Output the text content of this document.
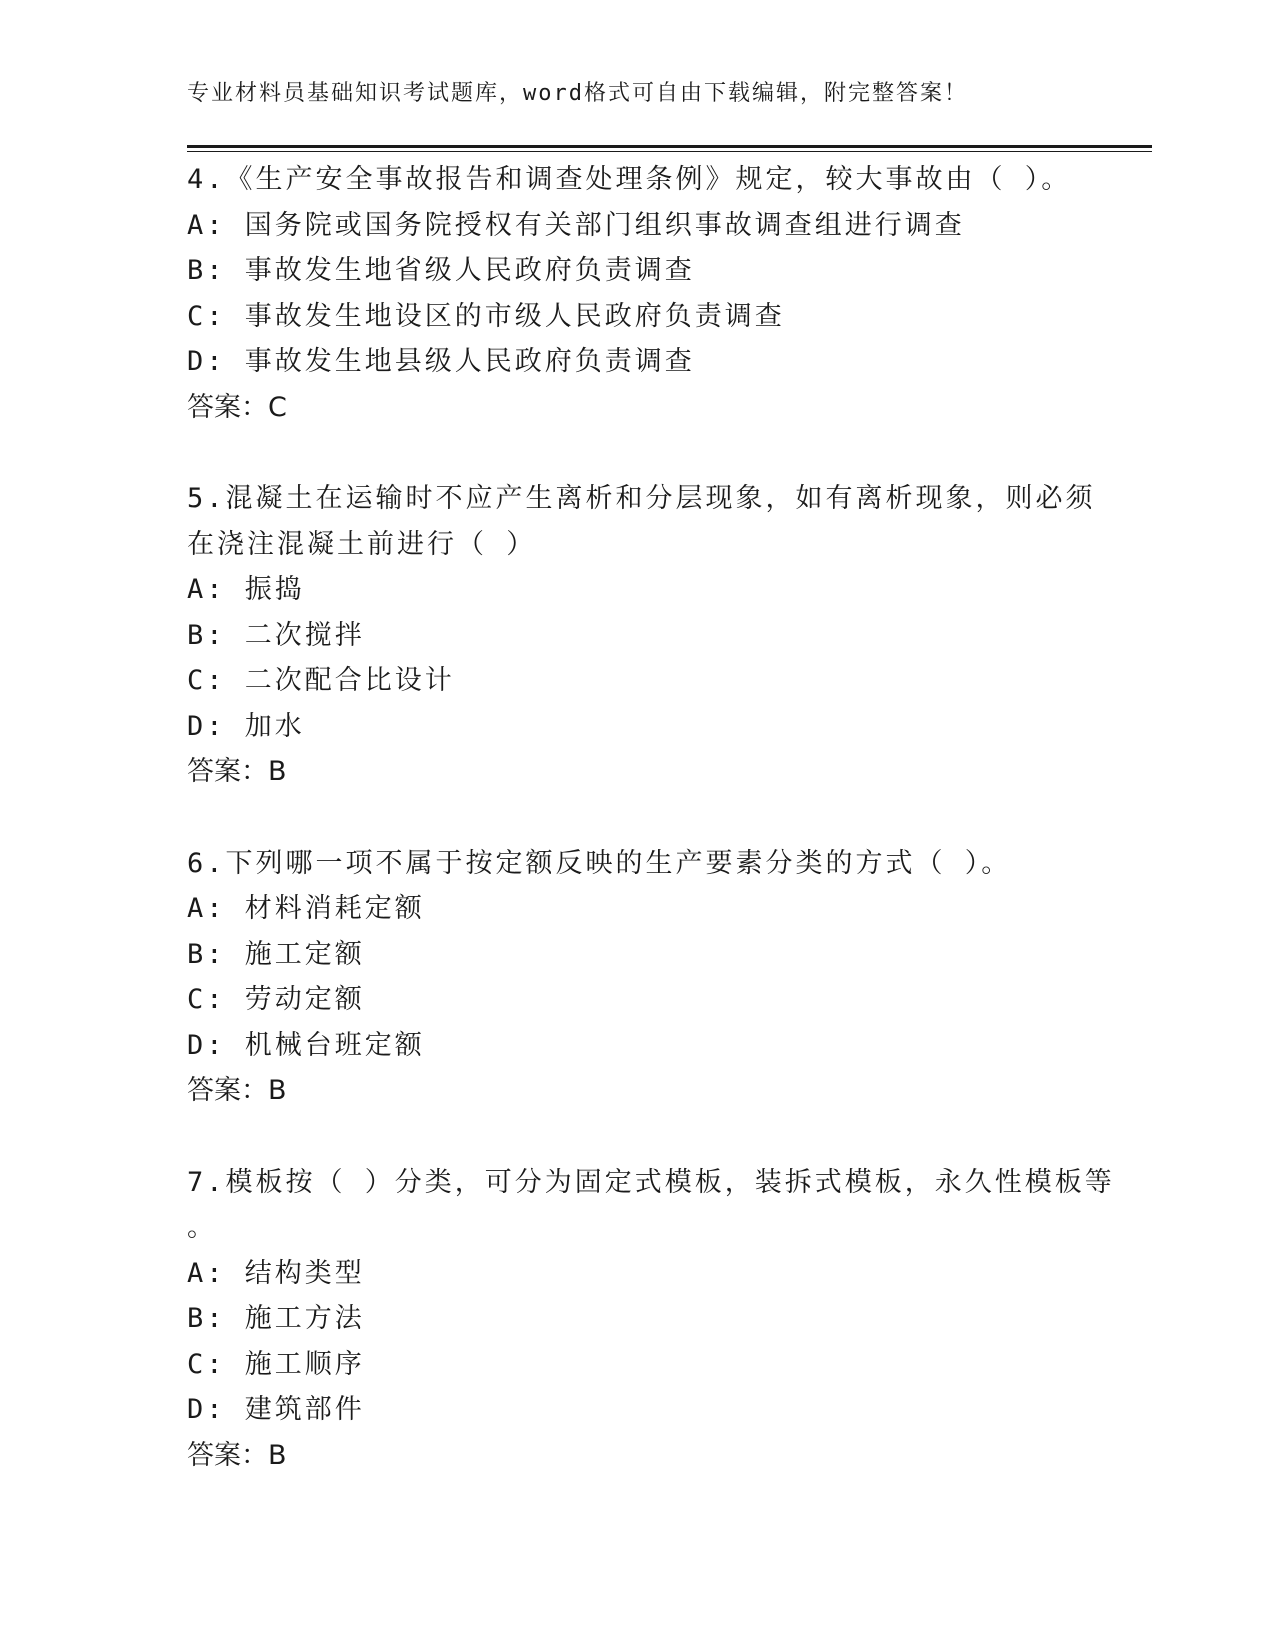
专业材料员基础知识考试题库，word格式可自由下载编辑，附完整答案！
4.《生产安全事故报告和调查处理条例》规定，较大事故由（ ）。
A: 国务院或国务院授权有关部门组织事故调查组进行调查
B: 事故发生地省级人民政府负责调查
C: 事故发生地设区的市级人民政府负责调查
D: 事故发生地县级人民政府负责调查
答案：C
5.混凝土在运输时不应产生离析和分层现象，如有离析现象，则必须
在浇注混凝土前进行（ ）
A: 振捣
B: 二次搅拌
C: 二次配合比设计
D: 加水
答案：B
6.下列哪一项不属于按定额反映的生产要素分类的方式（ ）。
A: 材料消耗定额
B: 施工定额
C: 劳动定额
D: 机械台班定额
答案：B
7.模板按（ ）分类，可分为固定式模板，装拆式模板，永久性模板等
。
A: 结构类型
B: 施工方法
C: 施工顺序
D: 建筑部件
答案：B
